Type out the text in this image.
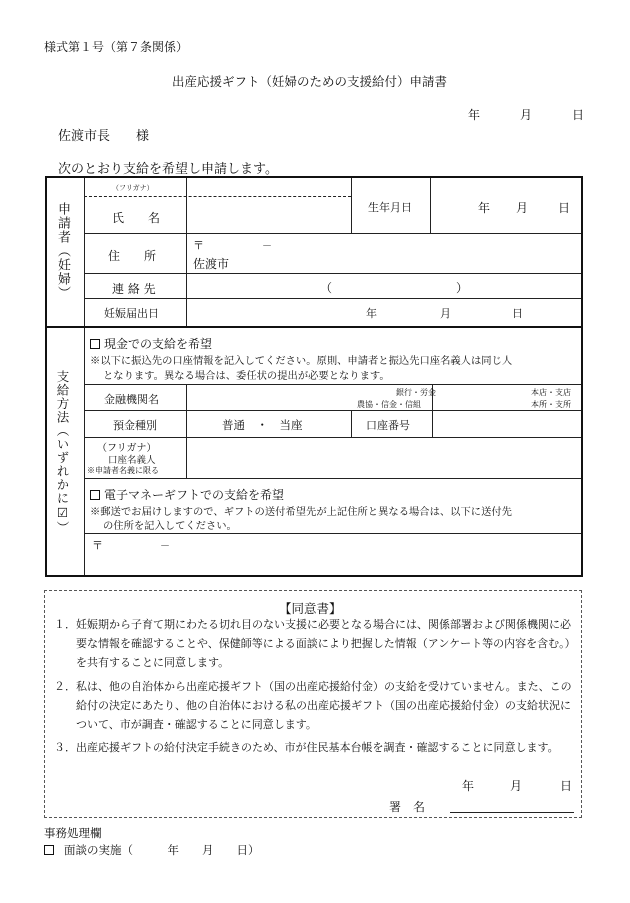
様式第１号（第７条関係）
出産応援ギフト（妊婦のための支援給付）申請書
年	月	日
佐渡市長　　様
次のとおり支給を希望し申請します。
申請者（妊婦）
（フリガナ）
氏　　名
生年月日	年 月 日
住　　所
〒	－
佐渡市
連 絡 先	（	）
妊娠届出日	年	月	日
支給方法（いずれかに☑）
現金での支給を希望
※以下に振込先の口座情報を記入してください。原則、申請者と振込先口座名義人は同じ人
となります。異なる場合は、委任状の提出が必要となります。
金融機関名
銀行・労金
農協・信金・信組
本店・支店
本所・支所
預金種別	普通　・　当座	口座番号
（フリガナ）
口座名義人
※申請者名義に限る
電子マネーギフトでの支給を希望
※郵送でお届けしますので、ギフトの送付希望先が上記住所と異なる場合は、以下に送付先
の住所を記入してください。
〒	－
【同意書】
１． 妊娠期から子育て期にわたる切れ目のない支援に必要となる場合には、関係部署および関係機関に必要な情報を確認することや、保健師等による面談により把握した情報（アンケート等の内容を含む。）を共有することに同意します。
２． 私は、他の自治体から出産応援ギフト（国の出産応援給付金）の支給を受けていません。また、この給付の決定にあたり、他の自治体における私の出産応援ギフト（国の出産応援給付金）の支給状況について、市が調査・確認することに同意します。
３． 出産応援ギフトの給付決定手続きのため、市が住民基本台帳を調査・確認することに同意します。
年	月	日
署　名
事務処理欄
面談の実施（　　　年　　月　　日）
